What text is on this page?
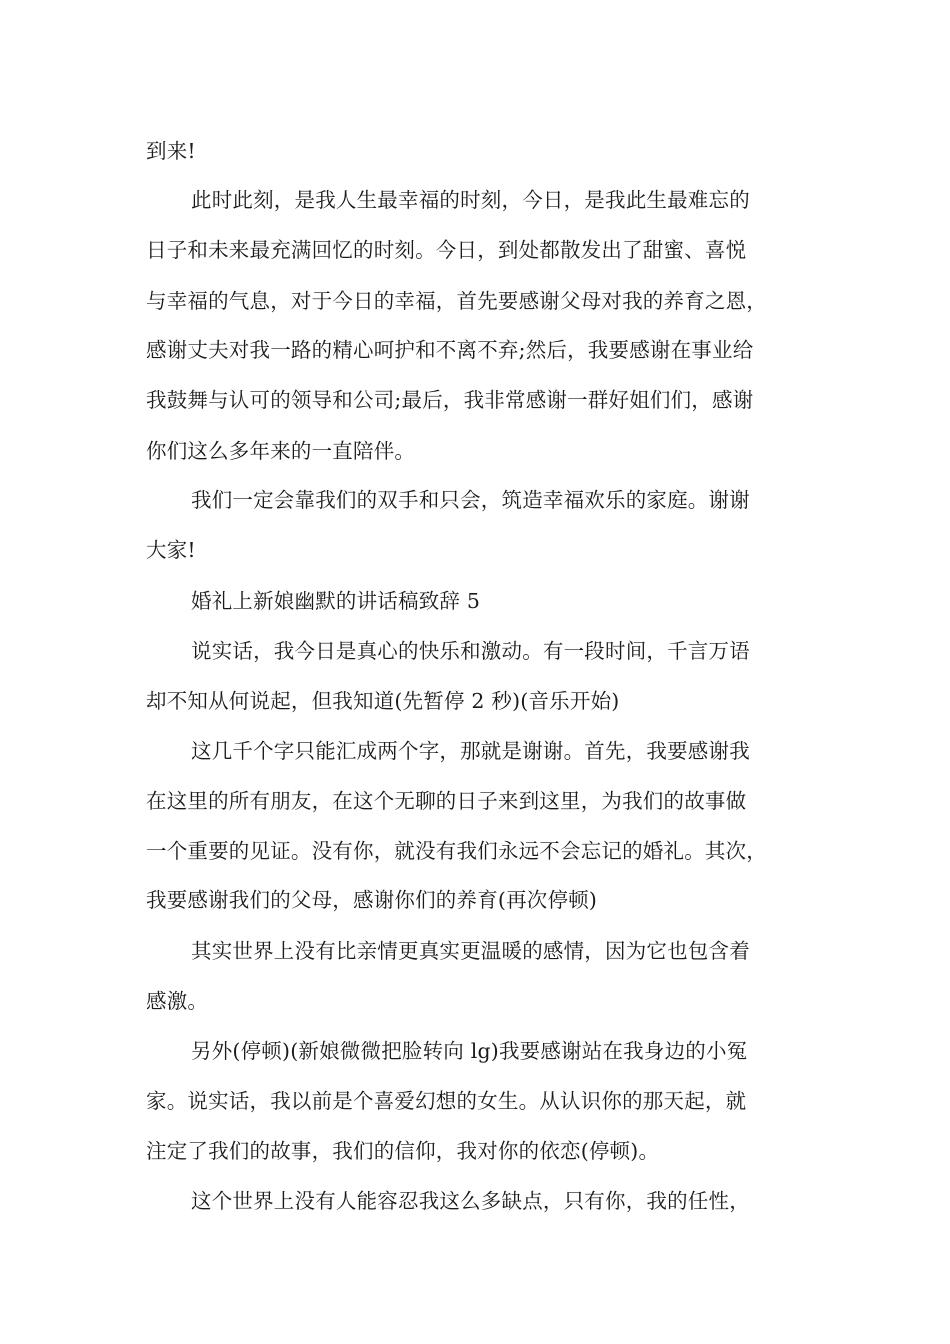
到来!
此时此刻，是我人生最幸福的时刻，今日，是我此生最难忘的
日子和未来最充满回忆的时刻。今日，到处都散发出了甜蜜、喜悦
与幸福的气息，对于今日的幸福，首先要感谢父母对我的养育之恩，
感谢丈夫对我一路的精心呵护和不离不弃;然后，我要感谢在事业给
我鼓舞与认可的领导和公司;最后，我非常感谢一群好姐们们，感谢
你们这么多年来的一直陪伴。
我们一定会靠我们的双手和只会，筑造幸福欢乐的家庭。谢谢
大家!
婚礼上新娘幽默的讲话稿致辞 5
说实话，我今日是真心的快乐和激动。有一段时间，千言万语
却不知从何说起，但我知道(先暂停 2 秒)(音乐开始)
这几千个字只能汇成两个字，那就是谢谢。首先，我要感谢我
在这里的所有朋友，在这个无聊的日子来到这里，为我们的故事做
一个重要的见证。没有你，就没有我们永远不会忘记的婚礼。其次，
我要感谢我们的父母，感谢你们的养育(再次停顿)
其实世界上没有比亲情更真实更温暖的感情，因为它也包含着
感激。
另外(停顿)(新娘微微把脸转向 lg)我要感谢站在我身边的小冤
家。说实话，我以前是个喜爱幻想的女生。从认识你的那天起，就
注定了我们的故事，我们的信仰，我对你的依恋(停顿)。
这个世界上没有人能容忍我这么多缺点，只有你，我的任性，
